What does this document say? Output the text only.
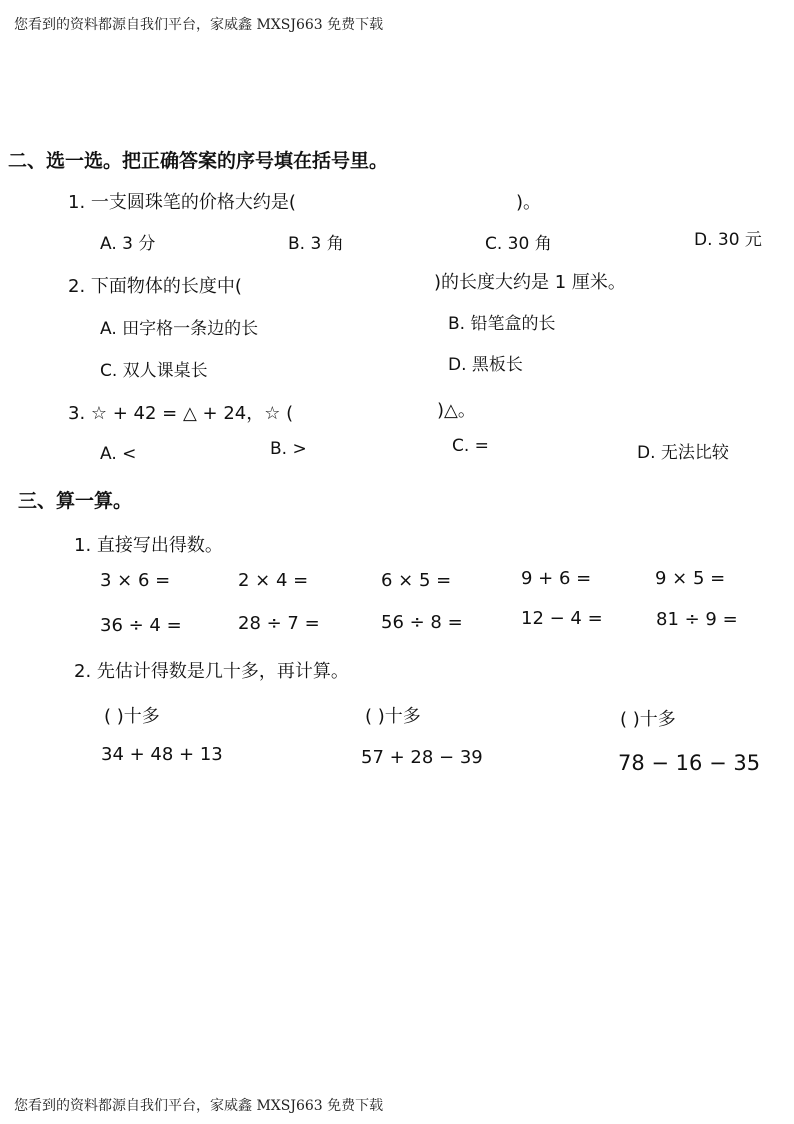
您看到的资料都源自我们平台，家威鑫 MXSJ663 免费下载
您看到的资料都源自我们平台，家威鑫 MXSJ663 免费下载
二、选一选。把正确答案的序号填在括号里。
1. 一支圆珠笔的价格大约是(	)。
A. 3 分	B. 3 角	C. 30 角	D. 30 元
2. 下面物体的长度中(	)的长度大约是 1 厘米。
A. 田字格一条边的长	B. 铅笔盒的长
C. 双人课桌长	D. 黑板长
3. ☆ + 42 = △ + 24，☆ (	)△。
A. <	B. >	C. =	D. 无法比较
三、算一算。
1. 直接写出得数。
3 × 6 =	2 × 4 =	6 × 5 =	9 + 6 =	9 × 5 =
36 ÷ 4 =	28 ÷ 7 =	56 ÷ 8 =	12 − 4 =	81 ÷ 9 =
2. 先估计得数是几十多，再计算。
( )十多	( )十多	( )十多
34 + 48 + 13	57 + 28 − 39	78 − 16 − 35
